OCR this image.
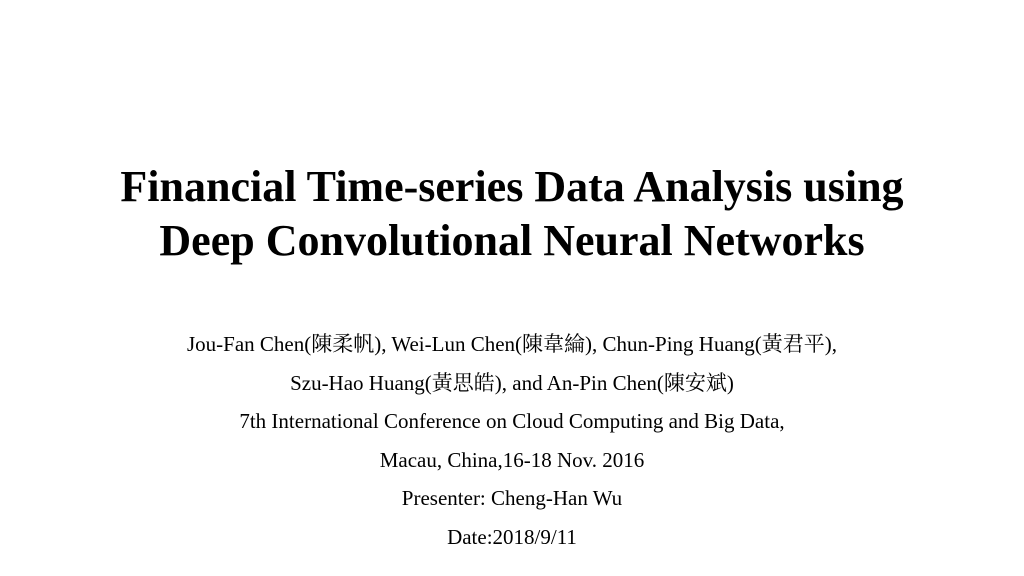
Financial Time-series Data Analysis using

Deep Convolutional Neural Networks

Jou-Fan Chen(陳柔帆), Wei-Lun Chen(陳韋綸), Chun-Ping Huang(黃君平),

Szu-Hao Huang(黃思皓), and An-Pin Chen(陳安斌)

7th International Conference on Cloud Computing and Big Data,

Macau, China,16-18 Nov. 2016

Presenter: Cheng-Han Wu

Date:2018/9/11
